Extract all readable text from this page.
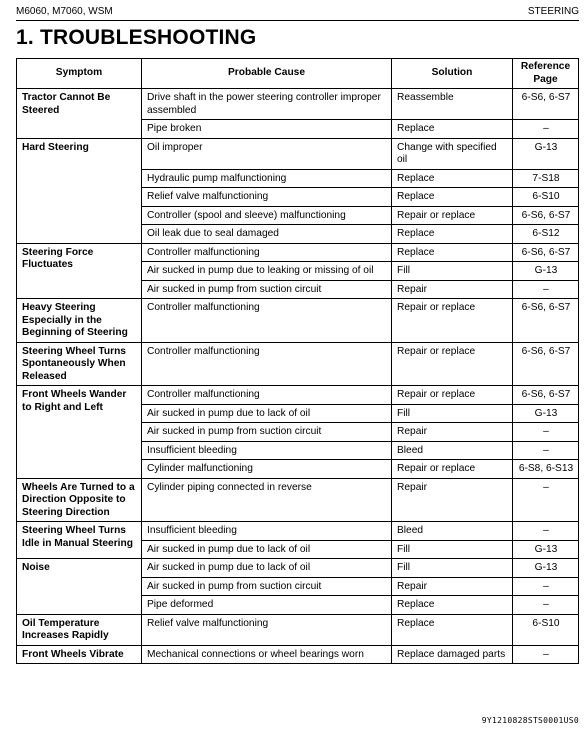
M6060, M7060, WSM	STEERING
1. TROUBLESHOOTING
Symptom	Probable Cause	Solution	Reference Page
Tractor Cannot Be Steered	Drive shaft in the power steering controller improper assembled	Reassemble	6-S6, 6-S7
	Pipe broken	Replace	–
Hard Steering	Oil improper	Change with specified oil	G-13
	Hydraulic pump malfunctioning	Replace	7-S18
	Relief valve malfunctioning	Replace	6-S10
	Controller (spool and sleeve) malfunctioning	Repair or replace	6-S6, 6-S7
	Oil leak due to seal damaged	Replace	6-S12
Steering Force Fluctuates	Controller malfunctioning	Replace	6-S6, 6-S7
	Air sucked in pump due to leaking or missing of oil	Fill	G-13
	Air sucked in pump from suction circuit	Repair	–
Heavy Steering Especially in the Beginning of Steering	Controller malfunctioning	Repair or replace	6-S6, 6-S7
Steering Wheel Turns Spontaneously When Released	Controller malfunctioning	Repair or replace	6-S6, 6-S7
Front Wheels Wander to Right and Left	Controller malfunctioning	Repair or replace	6-S6, 6-S7
	Air sucked in pump due to lack of oil	Fill	G-13
	Air sucked in pump from suction circuit	Repair	–
	Insufficient bleeding	Bleed	–
	Cylinder malfunctioning	Repair or replace	6-S8, 6-S13
Wheels Are Turned to a Direction Opposite to Steering Direction	Cylinder piping connected in reverse	Repair	–
Steering Wheel Turns Idle in Manual Steering	Insufficient bleeding	Bleed	–
	Air sucked in pump due to lack of oil	Fill	G-13
Noise	Air sucked in pump due to lack of oil	Fill	G-13
	Air sucked in pump from suction circuit	Repair	–
	Pipe deformed	Replace	–
Oil Temperature Increases Rapidly	Relief valve malfunctioning	Replace	6-S10
Front Wheels Vibrate	Mechanical connections or wheel bearings worn	Replace damaged parts	–
9Y1210828STS0001US0
